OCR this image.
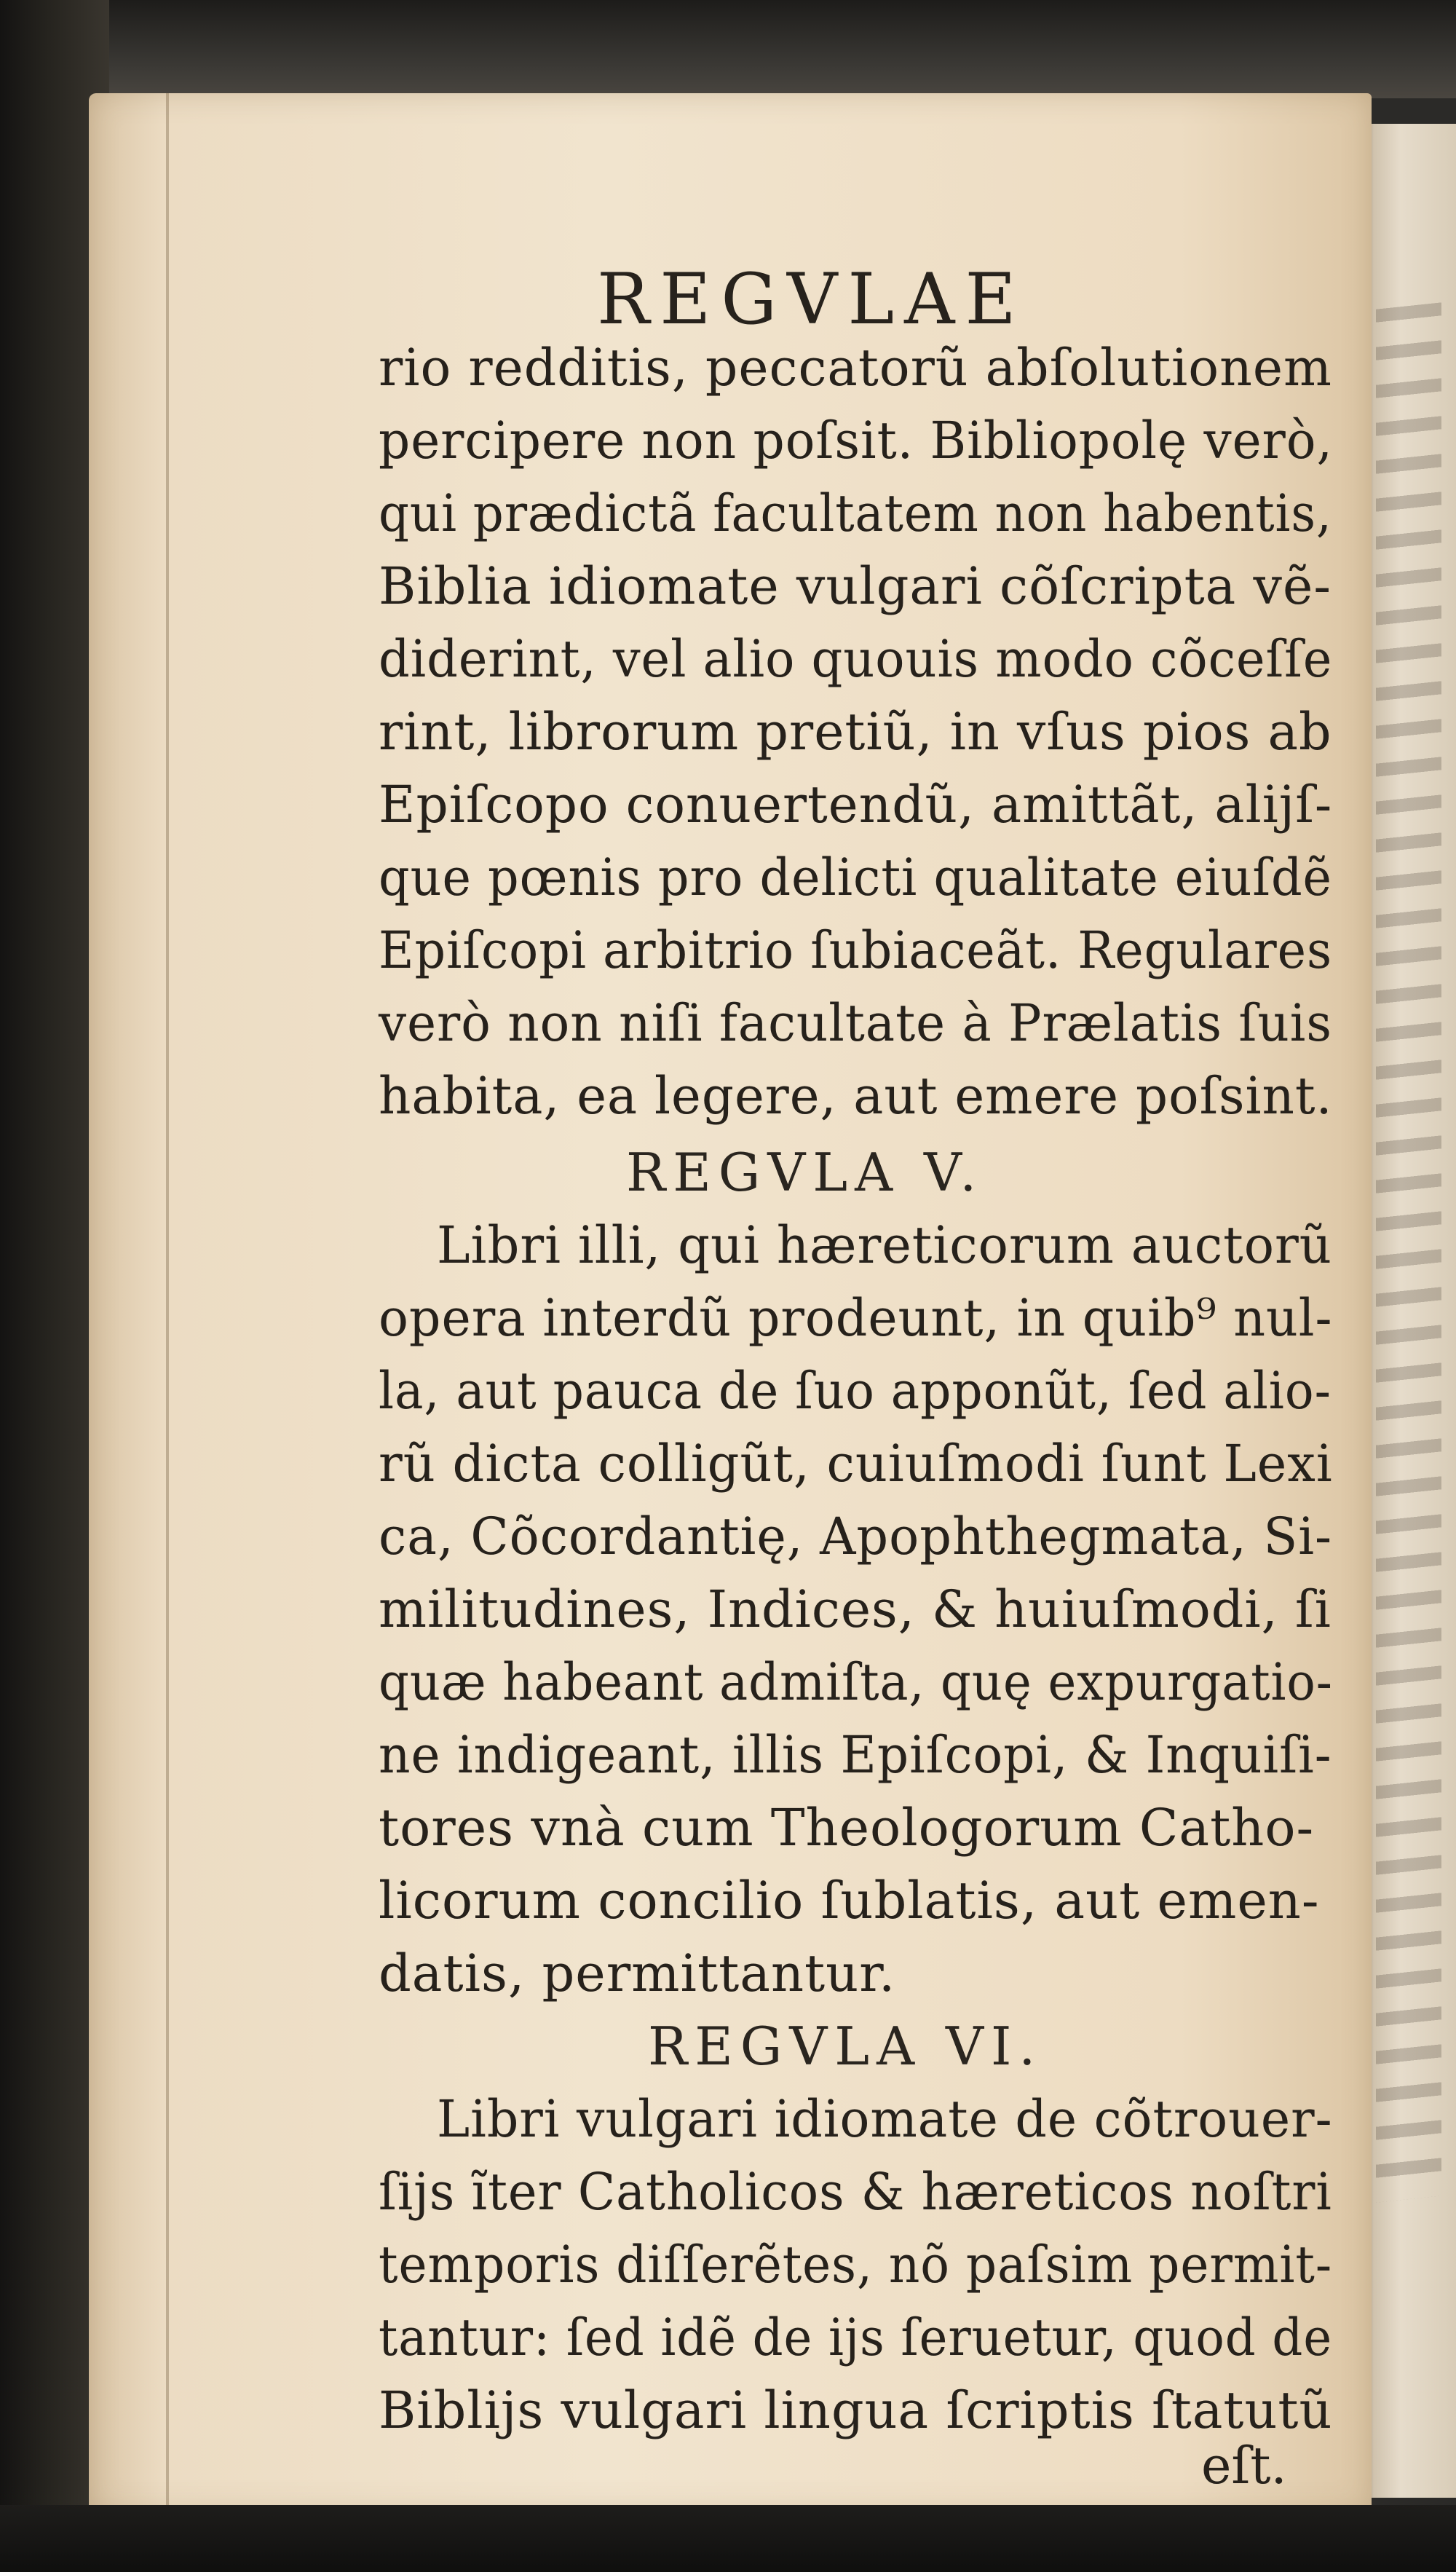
REGVLAE
rio redditis, peccatorũ abſolutionem
percipere non poſsit. Bibliopolę verò,
qui prædictã facultatem non habentis,
Biblia idiomate vulgari cõſcripta vẽ-
diderint, vel alio quouis modo cõceſſe
rint, librorum pretiũ, in vſus pios ab
Epiſcopo conuertendũ, amittãt, alijſ-
que pœnis pro delicti qualitate eiuſdẽ
Epiſcopi arbitrio ſubiaceãt. Regulares
verò non niſi facultate à Prælatis ſuis
habita, ea legere, aut emere poſsint.
REGVLA V.
Libri illi, qui hæreticorum auctorũ
opera interdũ prodeunt, in quib⁹ nul-
la, aut pauca de ſuo apponũt, ſed alio-
rũ dicta colligũt, cuiuſmodi ſunt Lexi
ca, Cõcordantię, Apophthegmata, Si-
militudines, Indices, & huiuſmodi, ſi
quæ habeant admiſta, quę expurgatio-
ne indigeant, illis Epiſcopi, & Inquiſi-
tores vnà cum Theologorum Catho-
licorum concilio ſublatis, aut emen-
datis, permittantur.
REGVLA VI.
Libri vulgari idiomate de cõtrouer-
ſijs ĩter Catholicos & hæreticos noſtri
temporis diſſerẽtes, nõ paſsim permit-
tantur: ſed idẽ de ijs ſeruetur, quod de
Biblijs vulgari lingua ſcriptis ſtatutũ
eſt.
